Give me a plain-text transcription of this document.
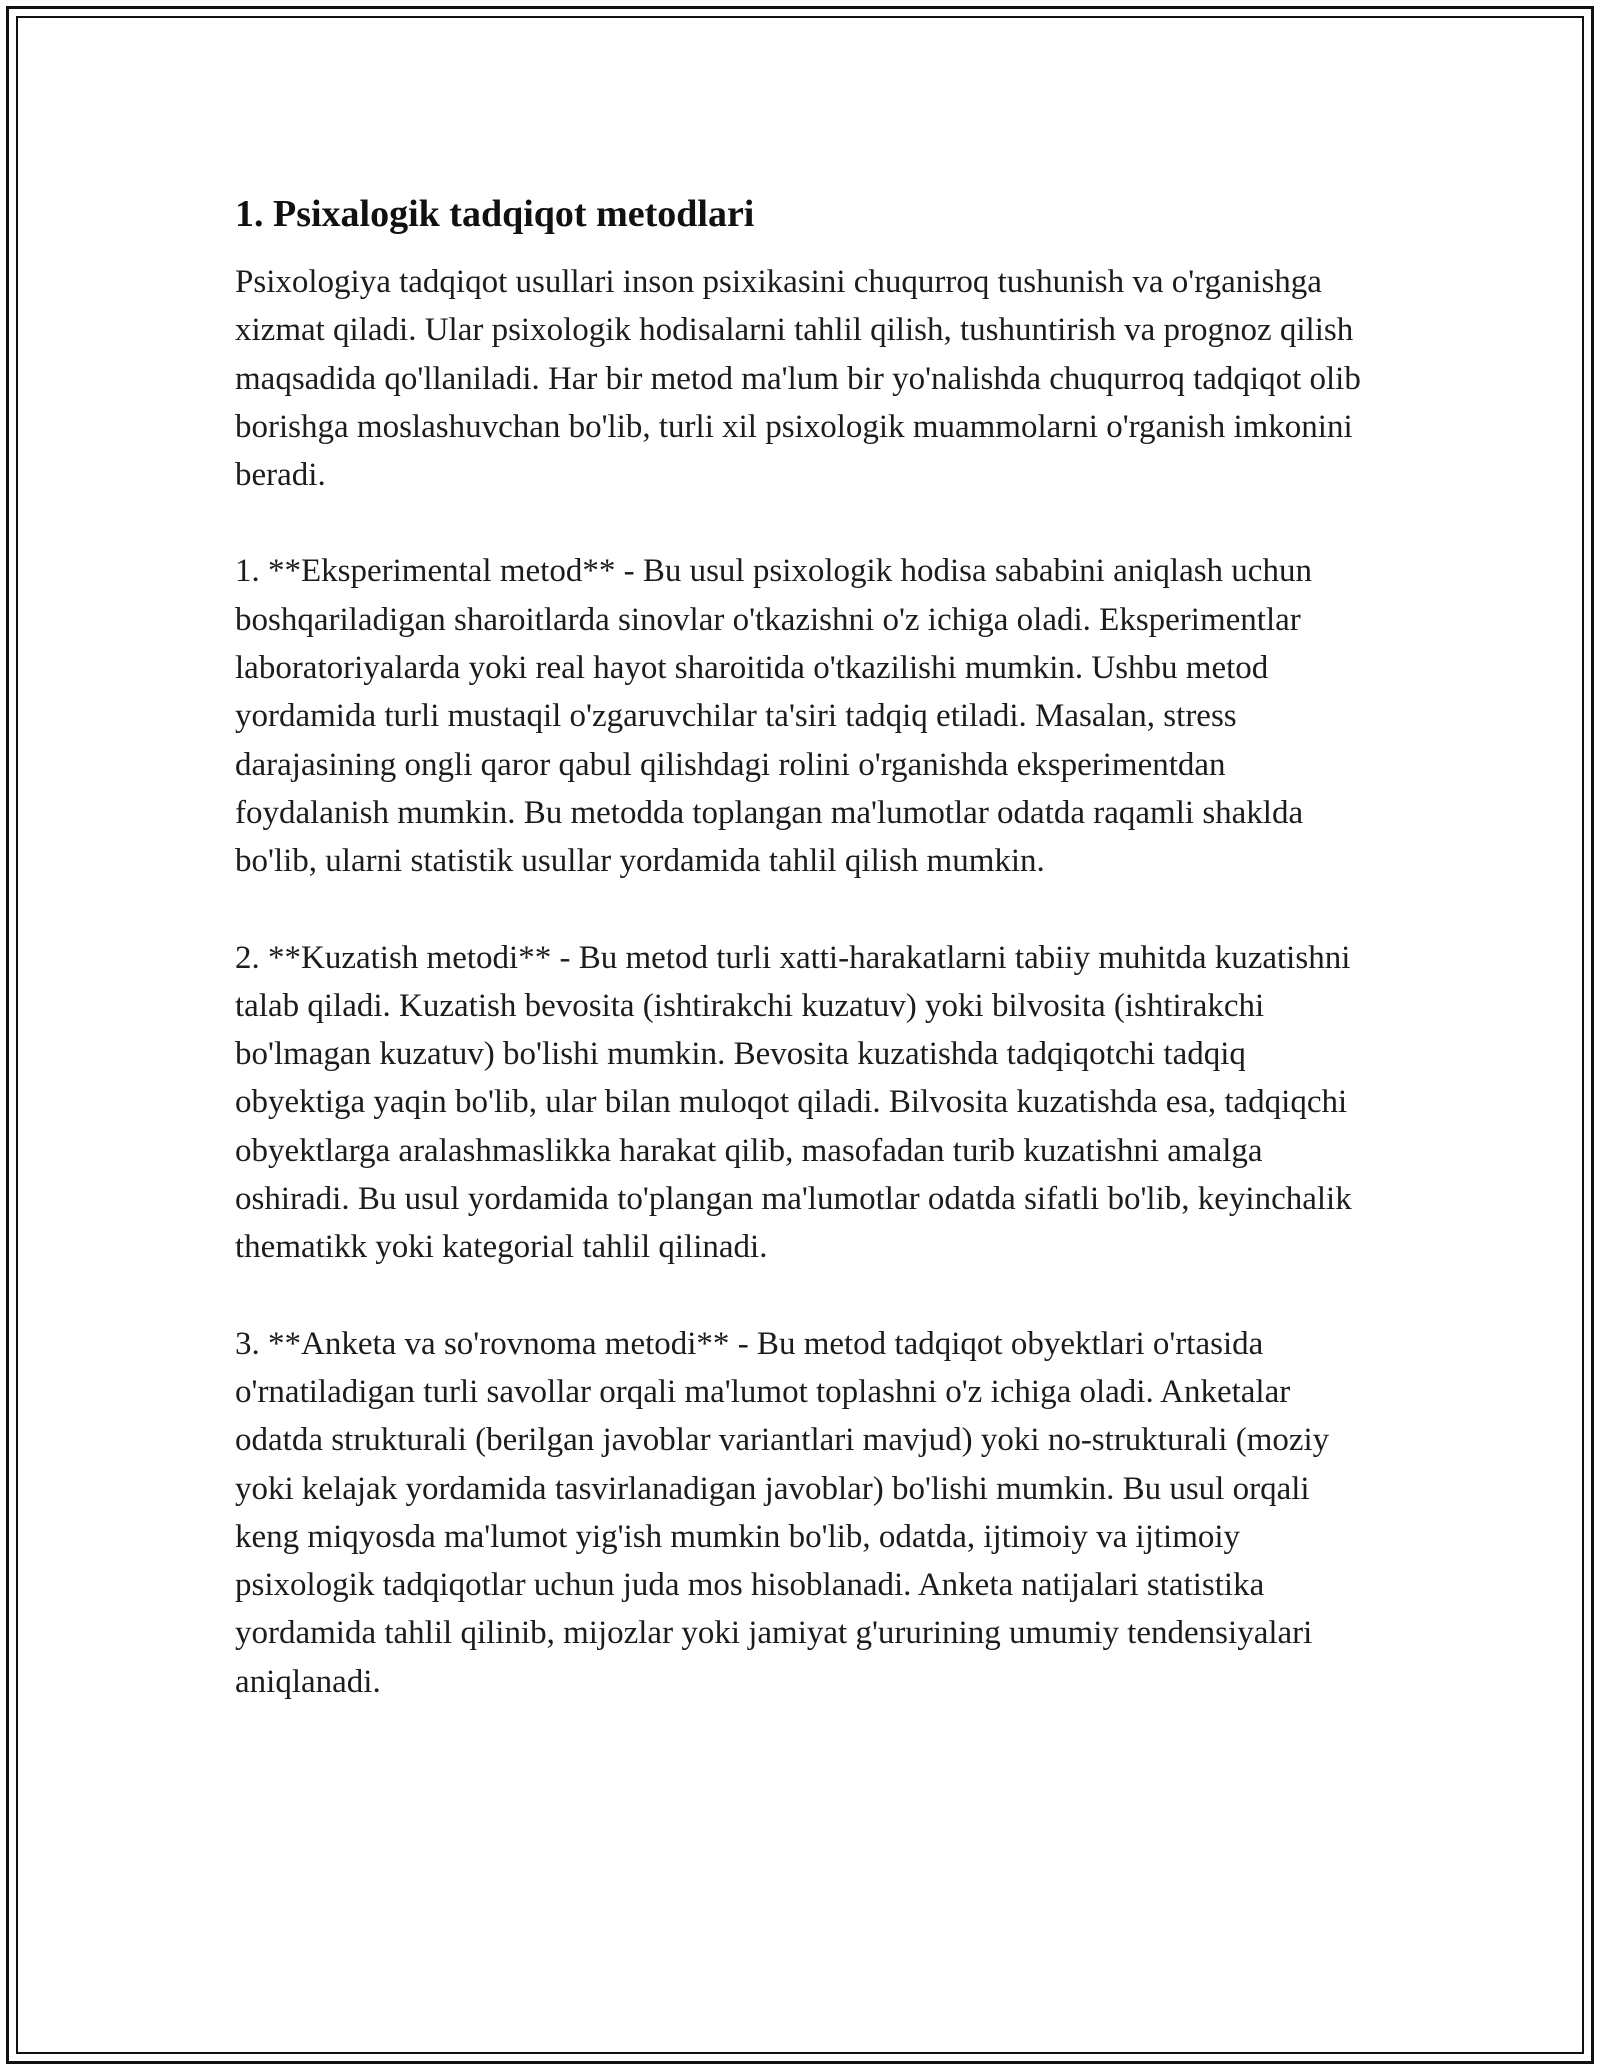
1. Psixalogik tadqiqot metodlari

Psixologiya tadqiqot usullari inson psixikasini chuqurroq tushunish va o'rganishga xizmat qiladi. Ular psixologik hodisalarni tahlil qilish, tushuntirish va prognoz qilish maqsadida qo'llaniladi. Har bir metod ma'lum bir yo'nalishda chuqurroq tadqiqot olib borishga moslashuvchan bo'lib, turli xil psixologik muammolarni o'rganish imkonini beradi.

1. **Eksperimental metod** - Bu usul psixologik hodisa sababini aniqlash uchun boshqariladigan sharoitlarda sinovlar o'tkazishni o'z ichiga oladi. Eksperimentlar laboratoriyalarda yoki real hayot sharoitida o'tkazilishi mumkin. Ushbu metod yordamida turli mustaqil o'zgaruvchilar ta'siri tadqiq etiladi. Masalan, stress darajasining ongli qaror qabul qilishdagi rolini o'rganishda eksperimentdan foydalanish mumkin. Bu metodda toplangan ma'lumotlar odatda raqamli shaklda bo'lib, ularni statistik usullar yordamida tahlil qilish mumkin.

2. **Kuzatish metodi** - Bu metod turli xatti-harakatlarni tabiiy muhitda kuzatishni talab qiladi. Kuzatish bevosita (ishtirakchi kuzatuv) yoki bilvosita (ishtirakchi bo'lmagan kuzatuv) bo'lishi mumkin. Bevosita kuzatishda tadqiqotchi tadqiq obyektiga yaqin bo'lib, ular bilan muloqot qiladi. Bilvosita kuzatishda esa, tadqiqchi obyektlarga aralashmaslikka harakat qilib, masofadan turib kuzatishni amalga oshiradi. Bu usul yordamida to'plangan ma'lumotlar odatda sifatli bo'lib, keyinchalik thematikk yoki kategorial tahlil qilinadi.

3. **Anketa va so'rovnoma metodi** - Bu metod tadqiqot obyektlari o'rtasida o'rnatiladigan turli savollar orqali ma'lumot toplashni o'z ichiga oladi. Anketalar odatda strukturali (berilgan javoblar variantlari mavjud) yoki no-strukturali (moziy yoki kelajak yordamida tasvirlanadigan javoblar) bo'lishi mumkin. Bu usul orqali keng miqyosda ma'lumot yig'ish mumkin bo'lib, odatda, ijtimoiy va ijtimoiy psixologik tadqiqotlar uchun juda mos hisoblanadi. Anketa natijalari statistika yordamida tahlil qilinib, mijozlar yoki jamiyat g'ururining umumiy tendensiyalari aniqlanadi.
